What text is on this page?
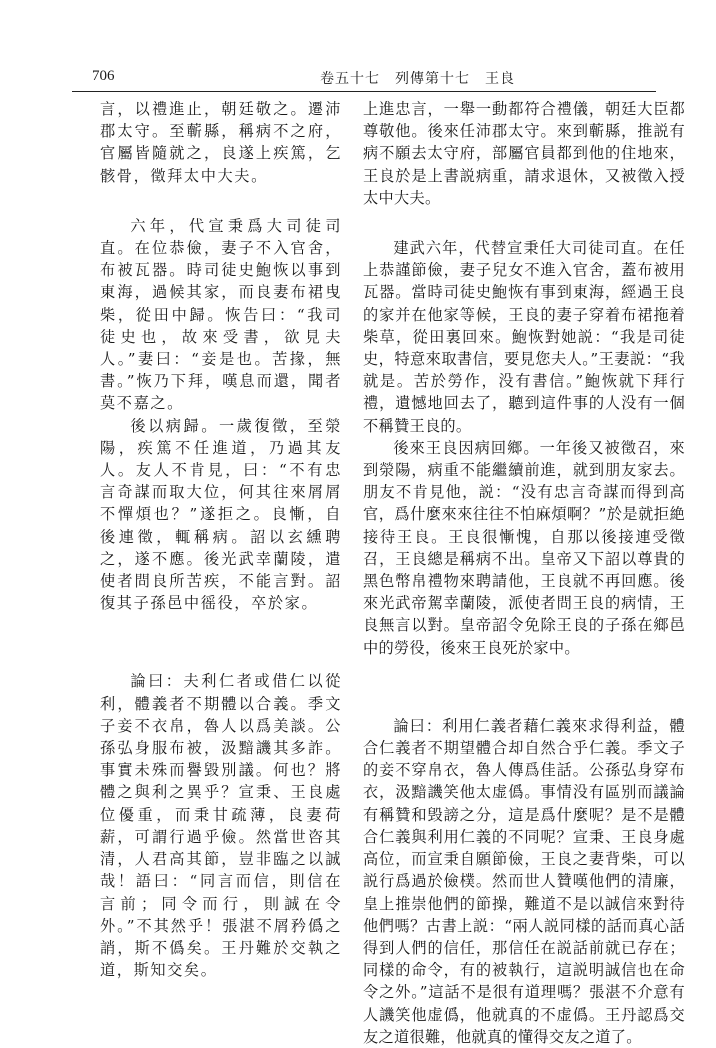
706	卷五十七　列傳第十七　王良

言，以禮進止，朝廷敬之。遷沛郡太守。至蘄縣，稱病不之府，官屬皆隨就之，良遂上疾篤，乞骸骨，徵拜太中大夫。

六年，代宣秉爲大司徒司直。在位恭儉，妻子不入官舍，布被瓦器。時司徒史鮑恢以事到東海，過候其家，而良妻布裙曳柴，從田中歸。恢告曰：“我司徒史也，故來受書，欲見夫人。”妻曰：“妾是也。苦掾，無書。”恢乃下拜，嘆息而還，聞者莫不嘉之。

後以病歸。一歲復徵，至滎陽，疾篤不任進道，乃過其友人。友人不肯見，曰：“不有忠言奇謀而取大位，何其往來屑屑不憚煩也？”遂拒之。良慚，自後連徵，輒稱病。詔以玄纁聘之，遂不應。後光武幸蘭陵，遣使者問良所苦疾，不能言對。詔復其子孫邑中徭役，卒於家。

論曰：夫利仁者或借仁以從利，體義者不期體以合義。季文子妾不衣帛，魯人以爲美談。公孫弘身服布被，汲黯譏其多詐。事實未殊而譽毀別議。何也？將體之與利之異乎？宣秉、王良處位優重，而秉甘疏薄，良妻荷薪，可謂行過乎儉。然當世咨其清，人君高其節，豈非臨之以誠哉！語曰：“同言而信，則信在言前；同令而行，則誠在令外。”不其然乎！張湛不屑矜僞之誚，斯不僞矣。王丹難於交執之道，斯知交矣。

上進忠言，一舉一動都符合禮儀，朝廷大臣都尊敬他。後來任沛郡太守。來到蘄縣，推説有病不願去太守府，部屬官員都到他的住地來，王良於是上書説病重，請求退休，又被徵入授太中大夫。

建武六年，代替宣秉任大司徒司直。在任上恭謹節儉，妻子兒女不進入官舍，蓋布被用瓦器。當時司徒史鮑恢有事到東海，經過王良的家并在他家等候，王良的妻子穿着布裙拖着柴草，從田裏回來。鮑恢對她説：“我是司徒史，特意來取書信，要見您夫人。”王妻説：“我就是。苦於勞作，没有書信。”鮑恢就下拜行禮，遺憾地回去了，聽到這件事的人没有一個不稱贊王良的。

後來王良因病回鄉。一年後又被徵召，來到滎陽，病重不能繼續前進，就到朋友家去。朋友不肯見他，説：“没有忠言奇謀而得到高官，爲什麼來來往往不怕麻煩啊？”於是就拒絶接待王良。王良很慚愧，自那以後接連受徵召，王良總是稱病不出。皇帝又下詔以尊貴的黑色幣帛禮物來聘請他，王良就不再回應。後來光武帝駕幸蘭陵，派使者問王良的病情，王良無言以對。皇帝詔令免除王良的子孫在鄉邑中的勞役，後來王良死於家中。

論曰：利用仁義者藉仁義來求得利益，體合仁義者不期望體合却自然合乎仁義。季文子的妾不穿帛衣，魯人傳爲佳話。公孫弘身穿布衣，汲黯譏笑他太虚僞。事情没有區别而議論有稱贊和毁謗之分，這是爲什麼呢？是不是體合仁義與利用仁義的不同呢？宣秉、王良身處高位，而宣秉自願節儉，王良之妻背柴，可以説行爲過於儉樸。然而世人贊嘆他們的清廉，皇上推崇他們的節操，難道不是以誠信來對待他們嗎？古書上説：“兩人説同樣的話而真心話得到人們的信任，那信任在説話前就已存在；同樣的命令，有的被執行，這説明誠信也在命令之外。”這話不是很有道理嗎？張湛不介意有人譏笑他虚僞，他就真的不虚僞。王丹認爲交友之道很難，他就真的懂得交友之道了。
